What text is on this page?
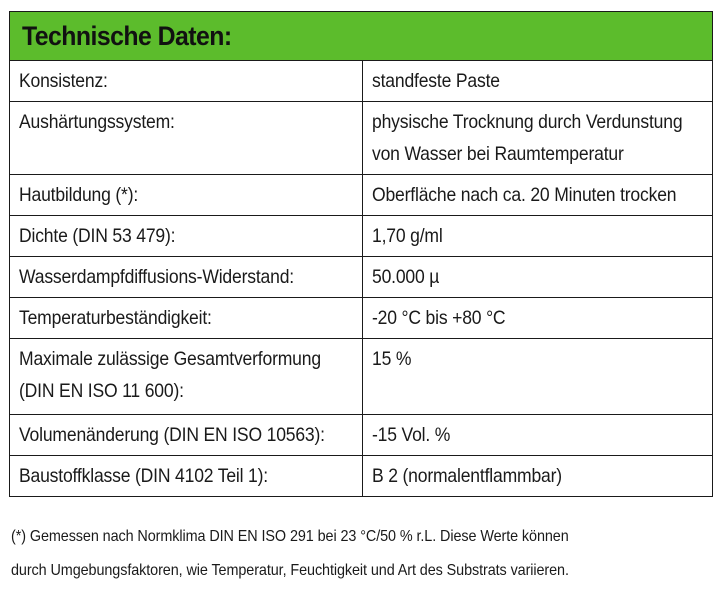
Technische Daten:	

Konsistenz:	standfeste Paste

Aushärtungssystem:	physische Trocknung durch Verdunstung
von Wasser bei Raumtemperatur

Hautbildung (*):	Oberfläche nach ca. 20 Minuten trocken

Dichte (DIN 53 479):	1,70 g/ml

Wasserdampfdiffusions-Widerstand:	50.000 µ

Temperaturbeständigkeit:	-20 °C bis +80 °C

Maximale zulässige Gesamtverformung
(DIN EN ISO 11 600):	15 %

Volumenänderung (DIN EN ISO 10563):	-15 Vol. %

Baustoffklasse (DIN 4102 Teil 1):	B 2 (normalentflammbar)
(*) Gemessen nach Normklima DIN EN ISO 291 bei 23 °C/50 % r.L. Diese Werte können
durch Umgebungsfaktoren, wie Temperatur, Feuchtigkeit und Art des Substrats variieren.
